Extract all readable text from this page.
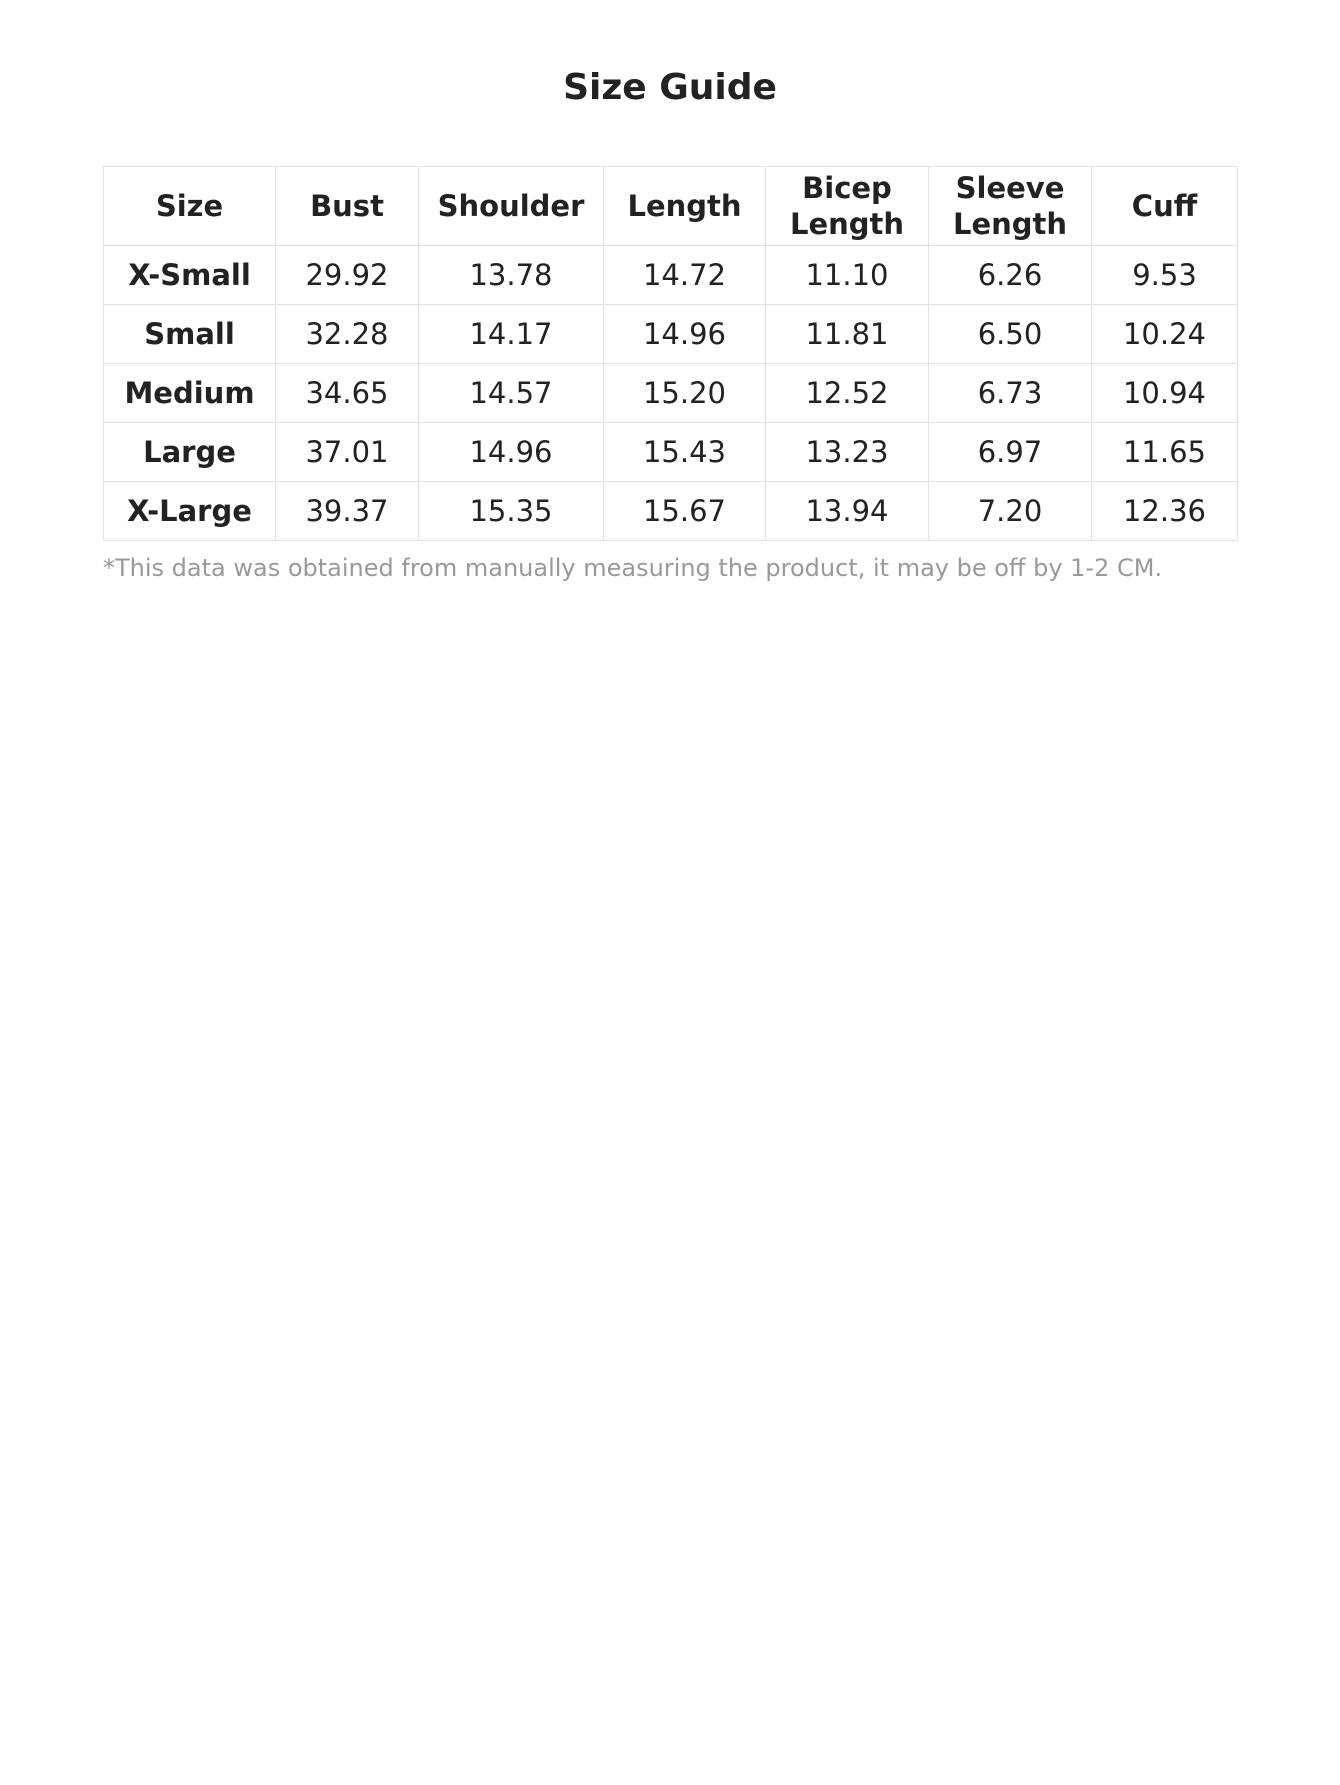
Size Guide
Size	Bust	Shoulder	Length	Bicep Length	Sleeve Length	Cuff
X-Small	29.92	13.78	14.72	11.10	6.26	9.53
Small	32.28	14.17	14.96	11.81	6.50	10.24
Medium	34.65	14.57	15.20	12.52	6.73	10.94
Large	37.01	14.96	15.43	13.23	6.97	11.65
X-Large	39.37	15.35	15.67	13.94	7.20	12.36

*This data was obtained from manually measuring the product, it may be off by 1-2 CM.
